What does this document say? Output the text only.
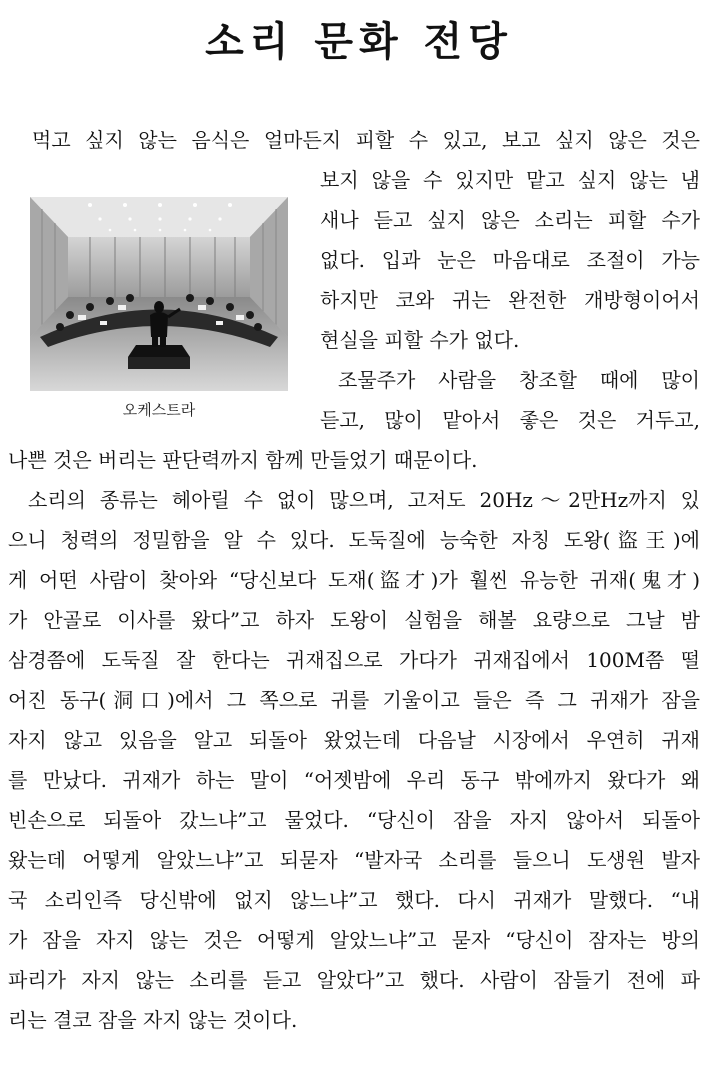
소리 문화 전당
먹고 싶지 않는 음식은 얼마든지 피할 수 있고, 보고 싶지 않은 것은
보지 않을 수 있지만 맡고 싶지 않는 냄
새나 듣고 싶지 않은 소리는 피할 수가
없다. 입과 눈은 마음대로 조절이 가능
하지만 코와 귀는 완전한 개방형이어서
현실을 피할 수가 없다.
조물주가 사람을 창조할 때에 많이
듣고, 많이 맡아서 좋은 것은 거두고,
나쁜 것은 버리는 판단력까지 함께 만들었기 때문이다.
소리의 종류는 헤아릴 수 없이 많으며, 고저도 20Hz～2만Hz까지 있
으니 청력의 정밀함을 알 수 있다. 도둑질에 능숙한 자칭 도왕(盜王)에
게 어떤 사람이 찾아와 “당신보다 도재(盜才)가 훨씬 유능한 귀재(鬼才)
가 안골로 이사를 왔다”고 하자 도왕이 실험을 해볼 요량으로 그날 밤
삼경쯤에 도둑질 잘 한다는 귀재집으로 가다가 귀재집에서 100M쯤 떨
어진 동구(洞口)에서 그 쪽으로 귀를 기울이고 들은 즉 그 귀재가 잠을
자지 않고 있음을 알고 되돌아 왔었는데 다음날 시장에서 우연히 귀재
를 만났다. 귀재가 하는 말이 “어젯밤에 우리 동구 밖에까지 왔다가 왜
빈손으로 되돌아 갔느냐”고 물었다. “당신이 잠을 자지 않아서 되돌아
왔는데 어떻게 알았느냐”고 되묻자 “발자국 소리를 들으니 도생원 발자
국 소리인즉 당신밖에 없지 않느냐”고 했다. 다시 귀재가 말했다. “내
가 잠을 자지 않는 것은 어떻게 알았느냐”고 묻자 “당신이 잠자는 방의
파리가 자지 않는 소리를 듣고 알았다”고 했다. 사람이 잠들기 전에 파
리는 결코 잠을 자지 않는 것이다.
오케스트라
